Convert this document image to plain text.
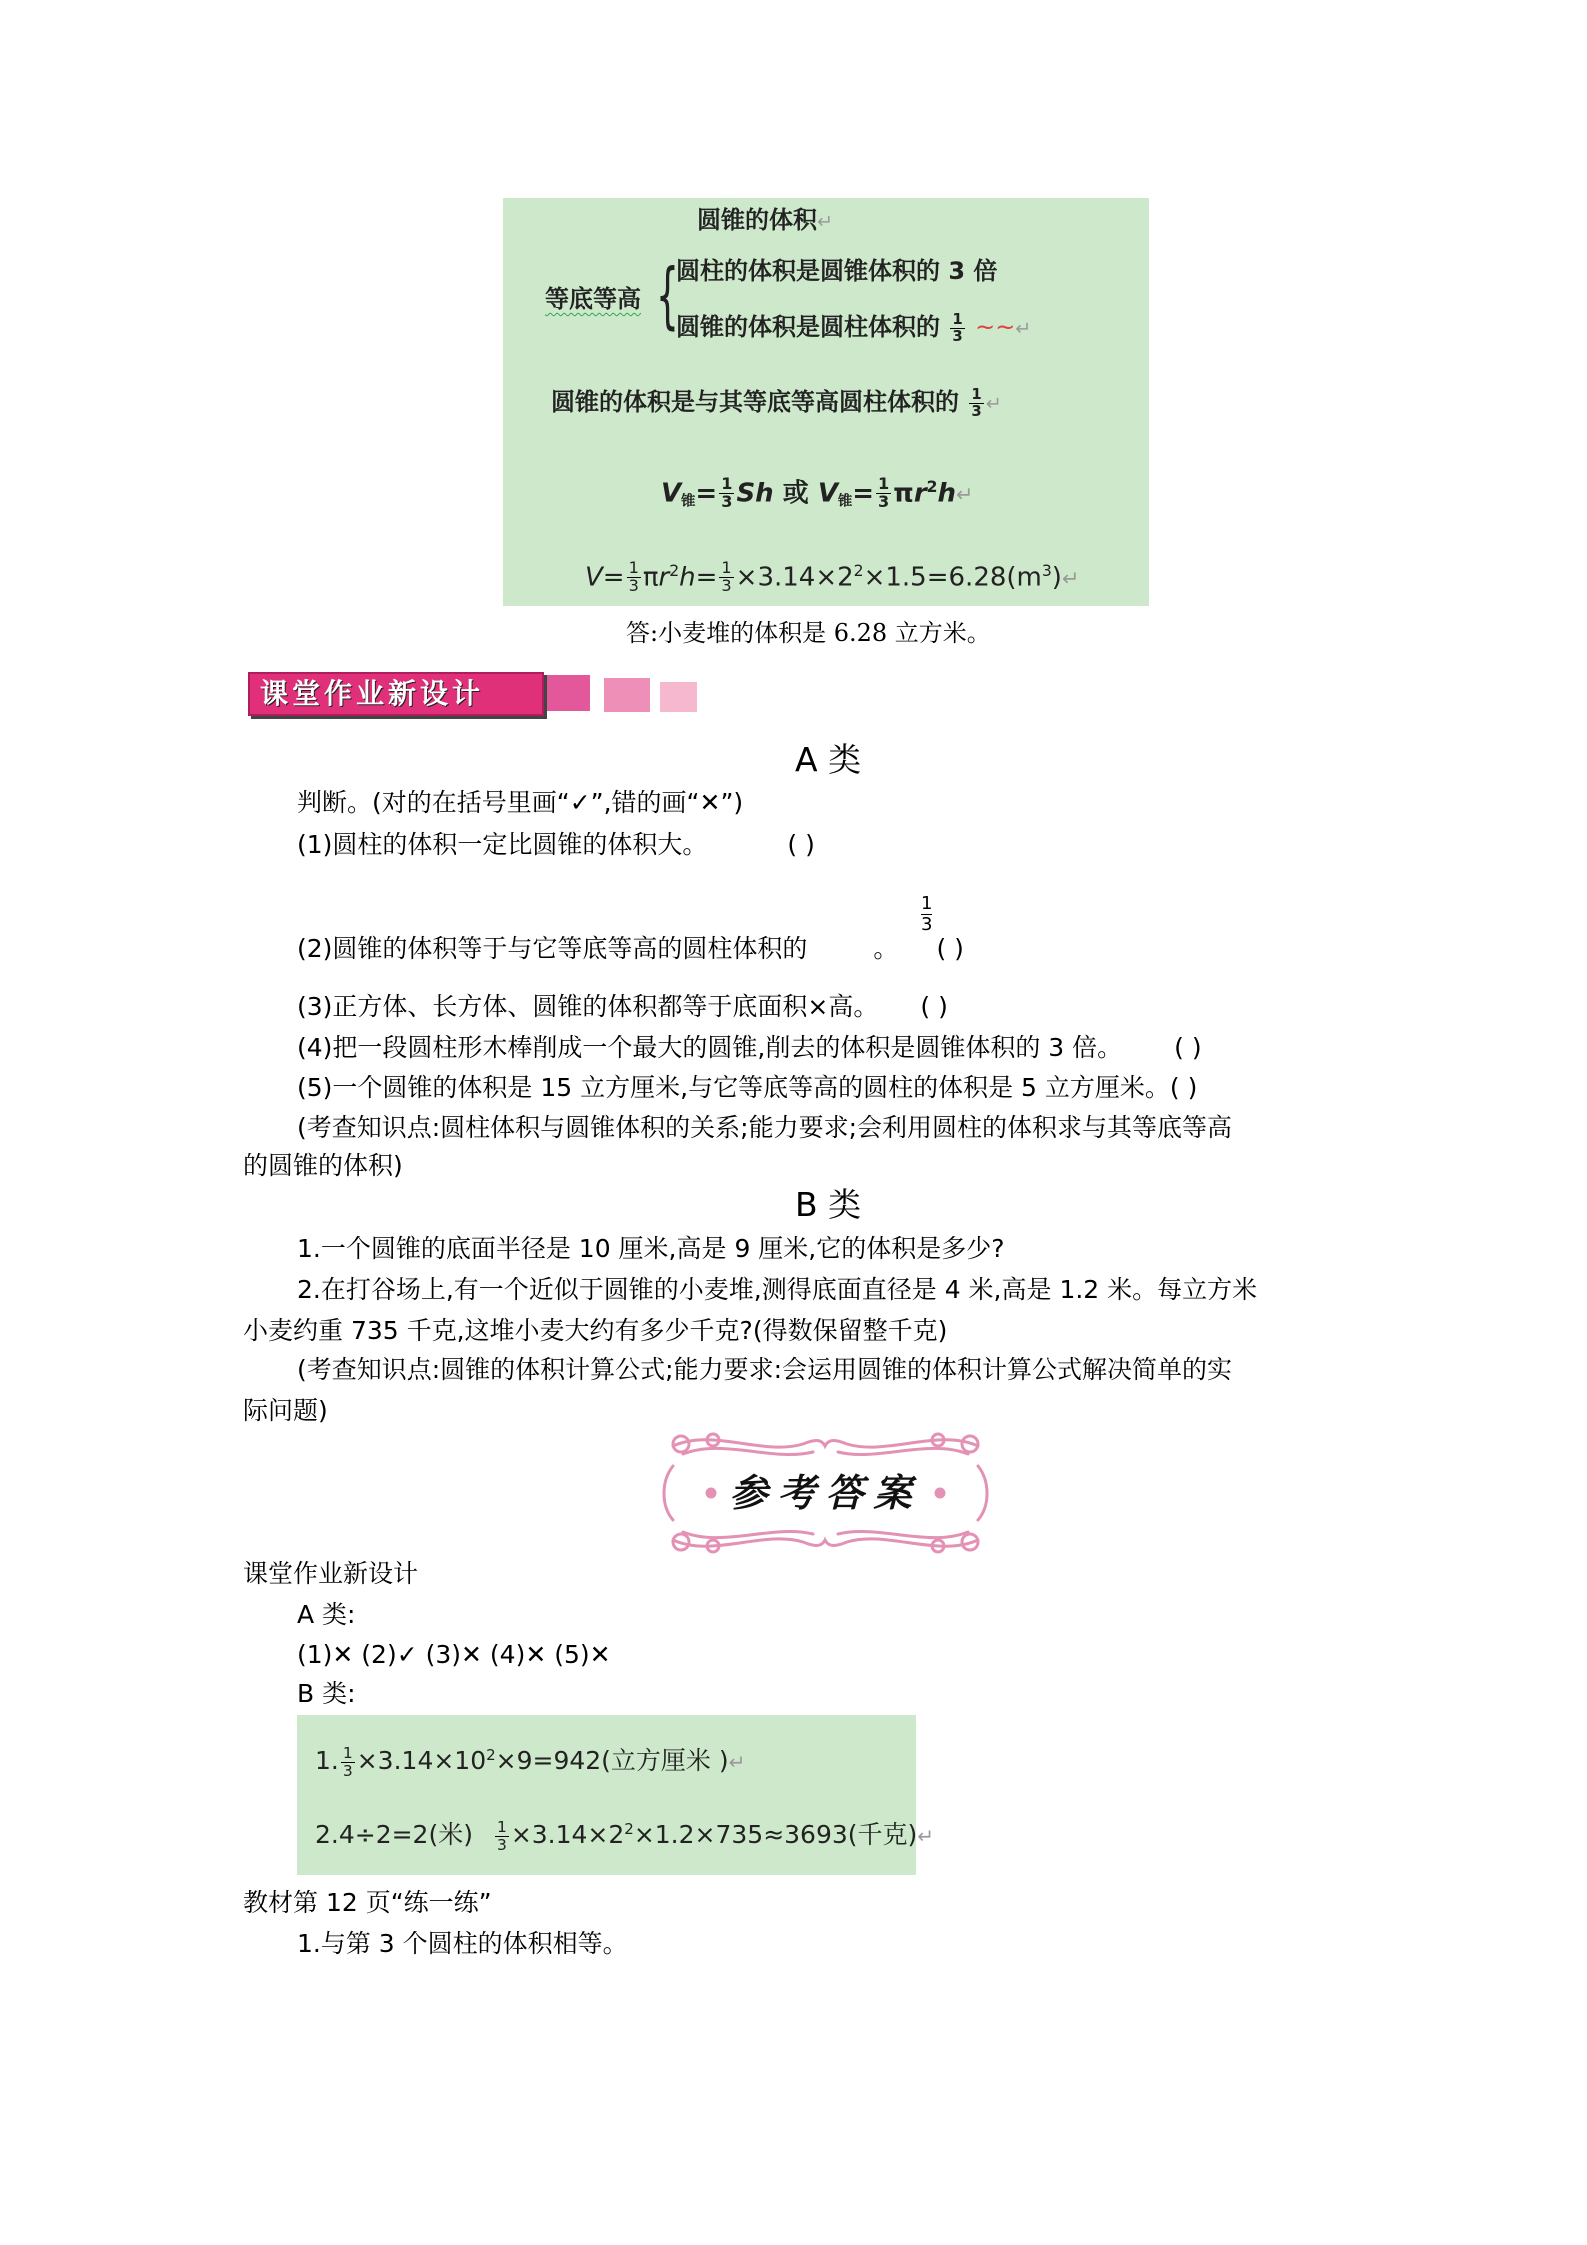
圆锥的体积↵
等底等高 {
圆柱的体积是圆锥体积的 3 倍
圆锥的体积是圆柱体积的 $\frac{1}{3}$ ~~↵
圆锥的体积是与其等底等高圆柱体积的 $\frac{1}{3}$ ↵
$V_锥= \frac{1}{3}$ Sh 或 $V_锥= \frac{1}{3}$ $\pi r^2h↵$
$V= \frac{1}{3} \pi r^2h= \frac{1}{3}$ $\times 3.14\times 2^2\times 1.5=6.28(m^3)↵$
答:小麦堆的体积是 6.28 立方米。
课堂作业新设计
A 类
判断。(对的在括号里画“✓”,错的画“✕”)
(1)圆柱的体积一定比圆锥的体积大。	( )
1
3
(2)圆锥的体积等于与它等底等高的圆柱体积的	。 ( )
(3)正方体、长方体、圆锥的体积都等于底面积×高。 ( )
(4)把一段圆柱形木棒削成一个最大的圆锥,削去的体积是圆锥体积的 3 倍。 ( )
(5)一个圆锥的体积是 15 立方厘米,与它等底等高的圆柱的体积是 5 立方厘米。( )
(考查知识点:圆柱体积与圆锥体积的关系;能力要求;会利用圆柱的体积求与其等底等高
的圆锥的体积)
B 类
1.一个圆锥的底面半径是 10 厘米,高是 9 厘米,它的体积是多少?
2.在打谷场上,有一个近似于圆锥的小麦堆,测得底面直径是 4 米,高是 1.2 米。每立方米
小麦约重 735 千克,这堆小麦大约有多少千克?(得数保留整千克)
(考查知识点:圆锥的体积计算公式;能力要求:会运用圆锥的体积计算公式解决简单的实
际问题)
参考答案
课堂作业新设计
A 类:
(1)✕ (2)✓ (3)✕ (4)✕ (5)✕
B 类:
1. $\frac{1}{3} \times 3.14\times 10^2\times 9=942$(立方厘米 )↵
2.4÷2=2(米) $\frac{1}{3} \times 3.14\times 2^2\times 1.2\times 735\approx 3693$(千克)↵
教材第 12 页“练一练”
1.与第 3 个圆柱的体积相等。
